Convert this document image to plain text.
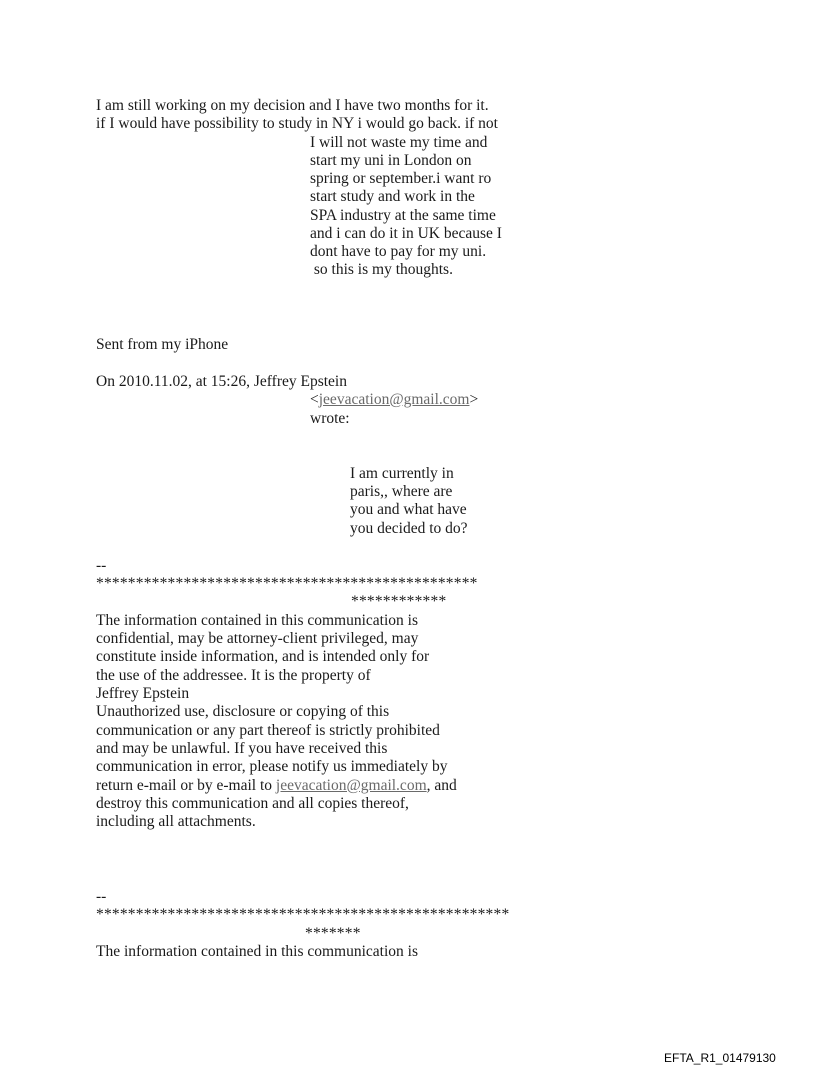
I am still working on my decision and I have two months for it.

if I would have possibility to study in NY i would go back. if not

I will not waste my time and

start my uni in London on

spring or september.i want ro

start study and work in the

SPA industry at the same time

and i can do it in UK because I

dont have to pay for my uni.

so this is my thoughts.

Sent from my iPhone

On 2010.11.02, at 15:26, Jeffrey Epstein

<jeevacation@gmail.com>

wrote:

I am currently in

paris,, where are

you and what have

you decided to do?

--

************************************************

************

The information contained in this communication is

confidential, may be attorney-client privileged, may

constitute inside information, and is intended only for

the use of the addressee. It is the property of

Jeffrey Epstein

Unauthorized use, disclosure or copying of this

communication or any part thereof is strictly prohibited

and may be unlawful. If you have received this

communication in error, please notify us immediately by

return e-mail or by e-mail to jeevacation@gmail.com, and

destroy this communication and all copies thereof,

including all attachments.

--

****************************************************

*******

The information contained in this communication is

EFTA_R1_01479130
